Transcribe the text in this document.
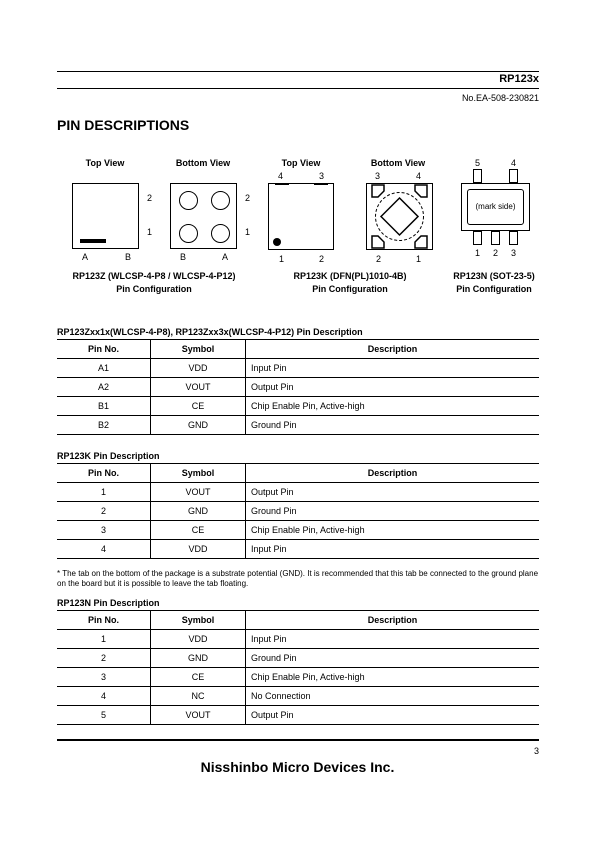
RP123x
No.EA-508-230821
PIN DESCRIPTIONS
Top View	Bottom View	Top View	Bottom View
A	B
2
1
B	A
2
1
4	3
1	2
3	4
2	1
5	4
(mark side)
1 2 3
RP123Z (WLCSP-4-P8 / WLCSP-4-P12)
Pin Configuration
RP123K (DFN(PL)1010-4B)
Pin Configuration
RP123N (SOT-23-5)
Pin Configuration
RP123Zxx1x(WLCSP-4-P8), RP123Zxx3x(WLCSP-4-P12) Pin Description
Pin No.	Symbol	Description
A1	VDD	Input Pin
A2	VOUT	Output Pin
B1	CE	Chip Enable Pin, Active-high
B2	GND	Ground Pin
RP123K Pin Description
Pin No.	Symbol	Description
1	VOUT	Output Pin
2	GND	Ground Pin
3	CE	Chip Enable Pin, Active-high
4	VDD	Input Pin
* The tab on the bottom of the package is a substrate potential (GND). It is recommended that this tab be connected to the ground plane on the board but it is possible to leave the tab floating.
RP123N Pin Description
Pin No.	Symbol	Description
1	VDD	Input Pin
2	GND	Ground Pin
3	CE	Chip Enable Pin, Active-high
4	NC	No Connection
5	VOUT	Output Pin
3
Nisshinbo Micro Devices Inc.
